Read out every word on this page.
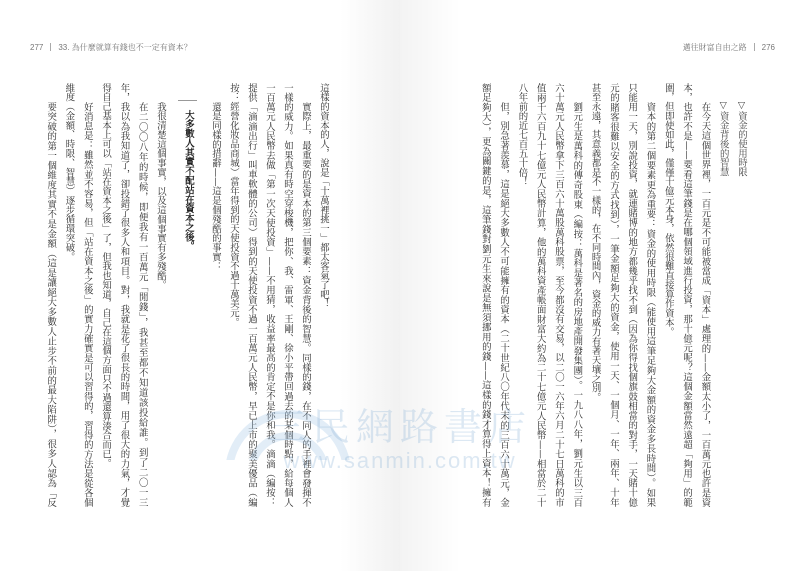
277 33. 為什麼就算有錢也不一定有資本？
這樣的資本的人，說是「十萬裡挑一」都太客氣了吧！
實際上，最重要的是資本的第三個要素：資金背後的智慧。同樣的錢，在不同人的手裡會發揮不
一樣的威力。如果真有時空穿梭機，把你、我、雷軍、王剛、徐小平帶回過去的某個時點，給每個人
一百萬元人民幣去做「第一次天使投資」——不用猜，收益率最高的肯定不是你和我。滴滴（編按：
提供「滴滴出行」叫車軟體的公司）得到的天使投資不過一百萬元人民幣，早已上市的聚美優品（編
按：經營化妝品商城）當年得到的天使投資不過十萬美元。
還是同樣的措辭——這是個殘酷的事實：
大多數人其實不配站在資本之後。
我很清楚這個事實，以及這個事實有多殘酷。
在二〇〇八年的時候，即便我有一百萬元「閒錢」，我甚至都不知道該投給誰。到了二〇一三
年，我以為我知道了，卻投錯了很多人和項目。對，我就是花了很長的時間，用了很大的力氣，才覺
得自己基本上可以「站在資本之後」了，但我也知道，自己在這個方面只不過還算湊合而已。
好消息是：雖然並不容易，但「站在資本之後」的實力確實是可以習得的，習得的方法是從各個
維度（金額、時限、智慧）逐步循環突破。
要突破的第一個維度其實不是金額（這是讓絕大多數人止步不前的最大陷阱），很多人認為「反
邁往財富自由之路 276
▽資金的使用時限
▽資金背後的智慧
在今天這個世界裡，一百元是不可能被當成「資本」處理的——金額太小了，一百萬元也許是資
本，也許不是——要看這筆錢是在哪個領域進行投資，那十億元呢？這個金額當然遠超「夠用」的範
圍，但即使如此，僅僅十億元本身，依然很難直接算作資本。
資本的第二個要素更為重要：資金的使用時限（能使用這筆足夠大金額的資金多長時間）。如果
只能用一天，別說投資，就連賭博的地方都幾乎找不到（因為你得找個旗鼓相當的對手，一天賭十億
元的賭客很難以安全的方式找到），一筆金額足夠大的資金，使用一天、一個月、一年、兩年、十年
甚至永遠，其意義都是不一樣的，在不同時間內，資金的威力有著天壤之別。
劉元生是萬科的傳奇股東（編按：萬科是著名的房地產開發集團）。一九八八年，劉元生以三百
六十萬元人民幣拿下三百六十萬股萬科股票，至今都沒有交易，以二〇一六年六月二十七日萬科的市
值兩千六百九十七億元人民幣計算，他的萬科資產帳面財富大約為二十七億元人民幣——相當於二十
八年前的近七百五十倍！
但，別急著羨慕，這是絕大多數人不可能擁有的資本（二十世紀八〇年代末的三百六十萬元，金
額足夠大），更為關鍵的是，這筆錢對劉元生來說是無須挪用的錢——這樣的錢才算得上資本！擁有
三民網路書店
www.sanmin.com.tw
